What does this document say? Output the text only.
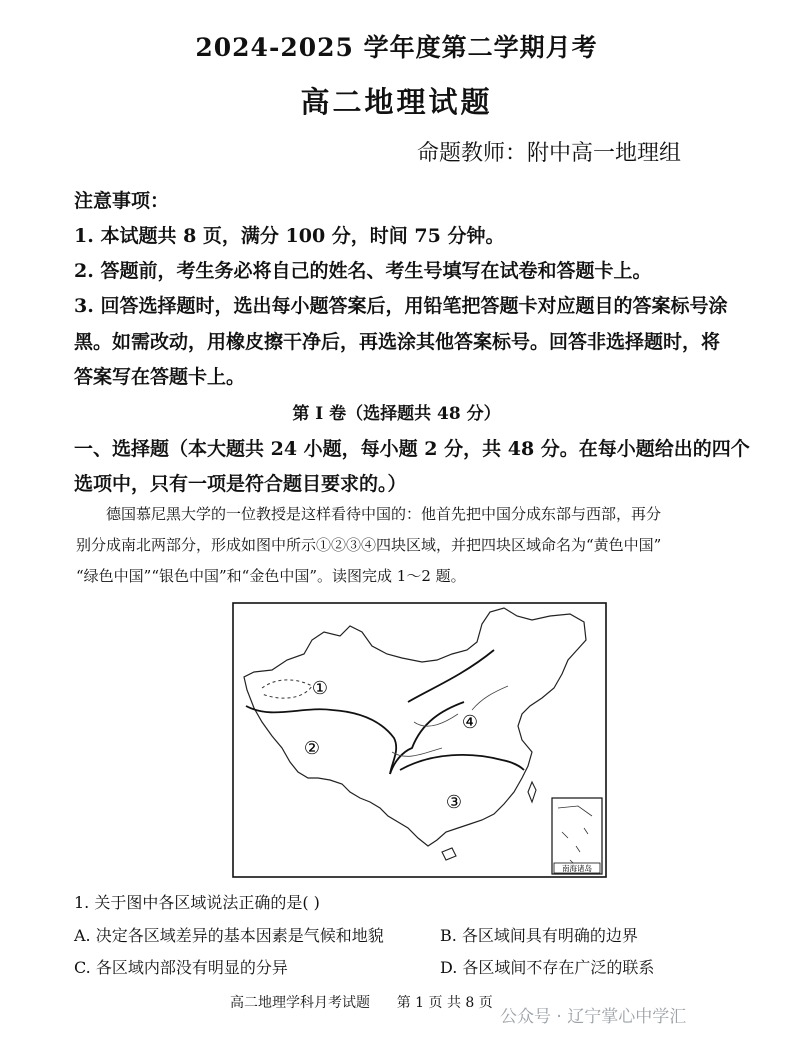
2024-2025 学年度第二学期月考
高二地理试题
命题教师：附中高一地理组
注意事项：
1. 本试题共 8 页，满分 100 分，时间 75 分钟。
2. 答题前，考生务必将自己的姓名、考生号填写在试卷和答题卡上。
3. 回答选择题时，选出每小题答案后，用铅笔把答题卡对应题目的答案标号涂
黑。如需改动，用橡皮擦干净后，再选涂其他答案标号。回答非选择题时，将
答案写在答题卡上。
第 I 卷（选择题共 48 分）
一、选择题（本大题共 24 小题，每小题 2 分，共 48 分。在每小题给出的四个
选项中，只有一项是符合题目要求的。）
德国慕尼黑大学的一位教授是这样看待中国的：他首先把中国分成东部与西部，再分
别分成南北两部分，形成如图中所示①②③④四块区域，并把四块区域命名为“黄色中国”
“绿色中国”“银色中国”和“金色中国”。读图完成 1～2 题。
①
②
③
④
南海诸岛
1. 关于图中各区域说法正确的是( )
A. 决定各区域差异的基本因素是气候和地貌	B. 各区域间具有明确的边界
C. 各区域内部没有明显的分异	D. 各区域间不存在广泛的联系
高二地理学科月考试题      第 1 页 共 8 页
公众号 · 辽宁掌心中学汇
